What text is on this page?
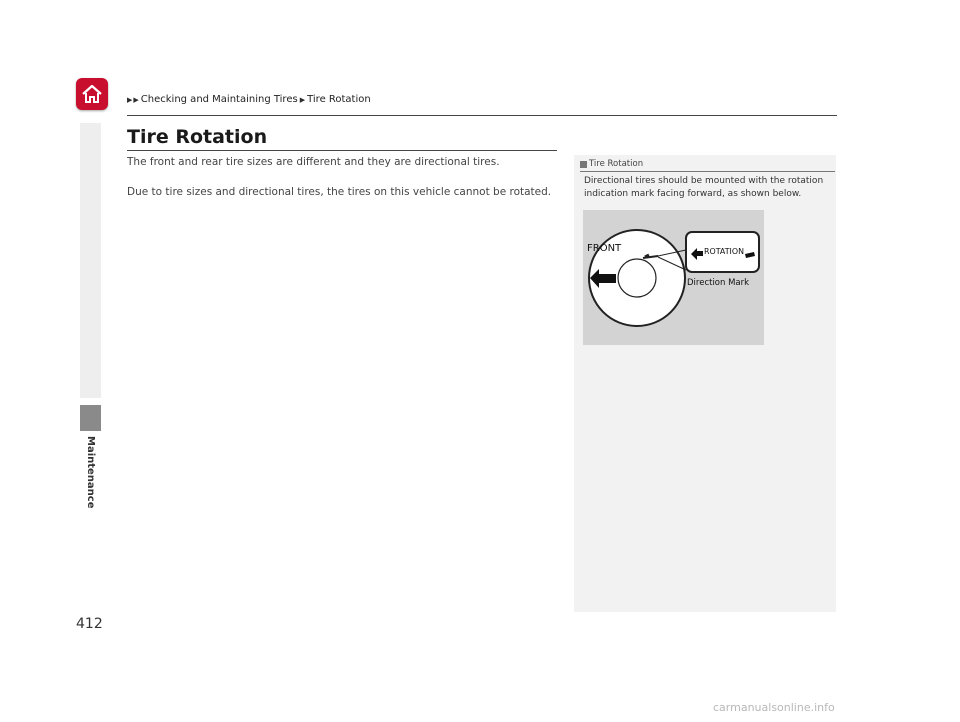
▶ ▶ Checking and Maintaining Tires ▶ Tire Rotation
Maintenance
Tire Rotation
The front and rear tire sizes are different and they are directional tires.
Due to tire sizes and directional tires, the tires on this vehicle cannot be rotated.
Tire Rotation
Directional tires should be mounted with the rotation indication mark facing forward, as shown below.
FRONT	ROTATION
Direction Mark
412
carmanualsonline.info
